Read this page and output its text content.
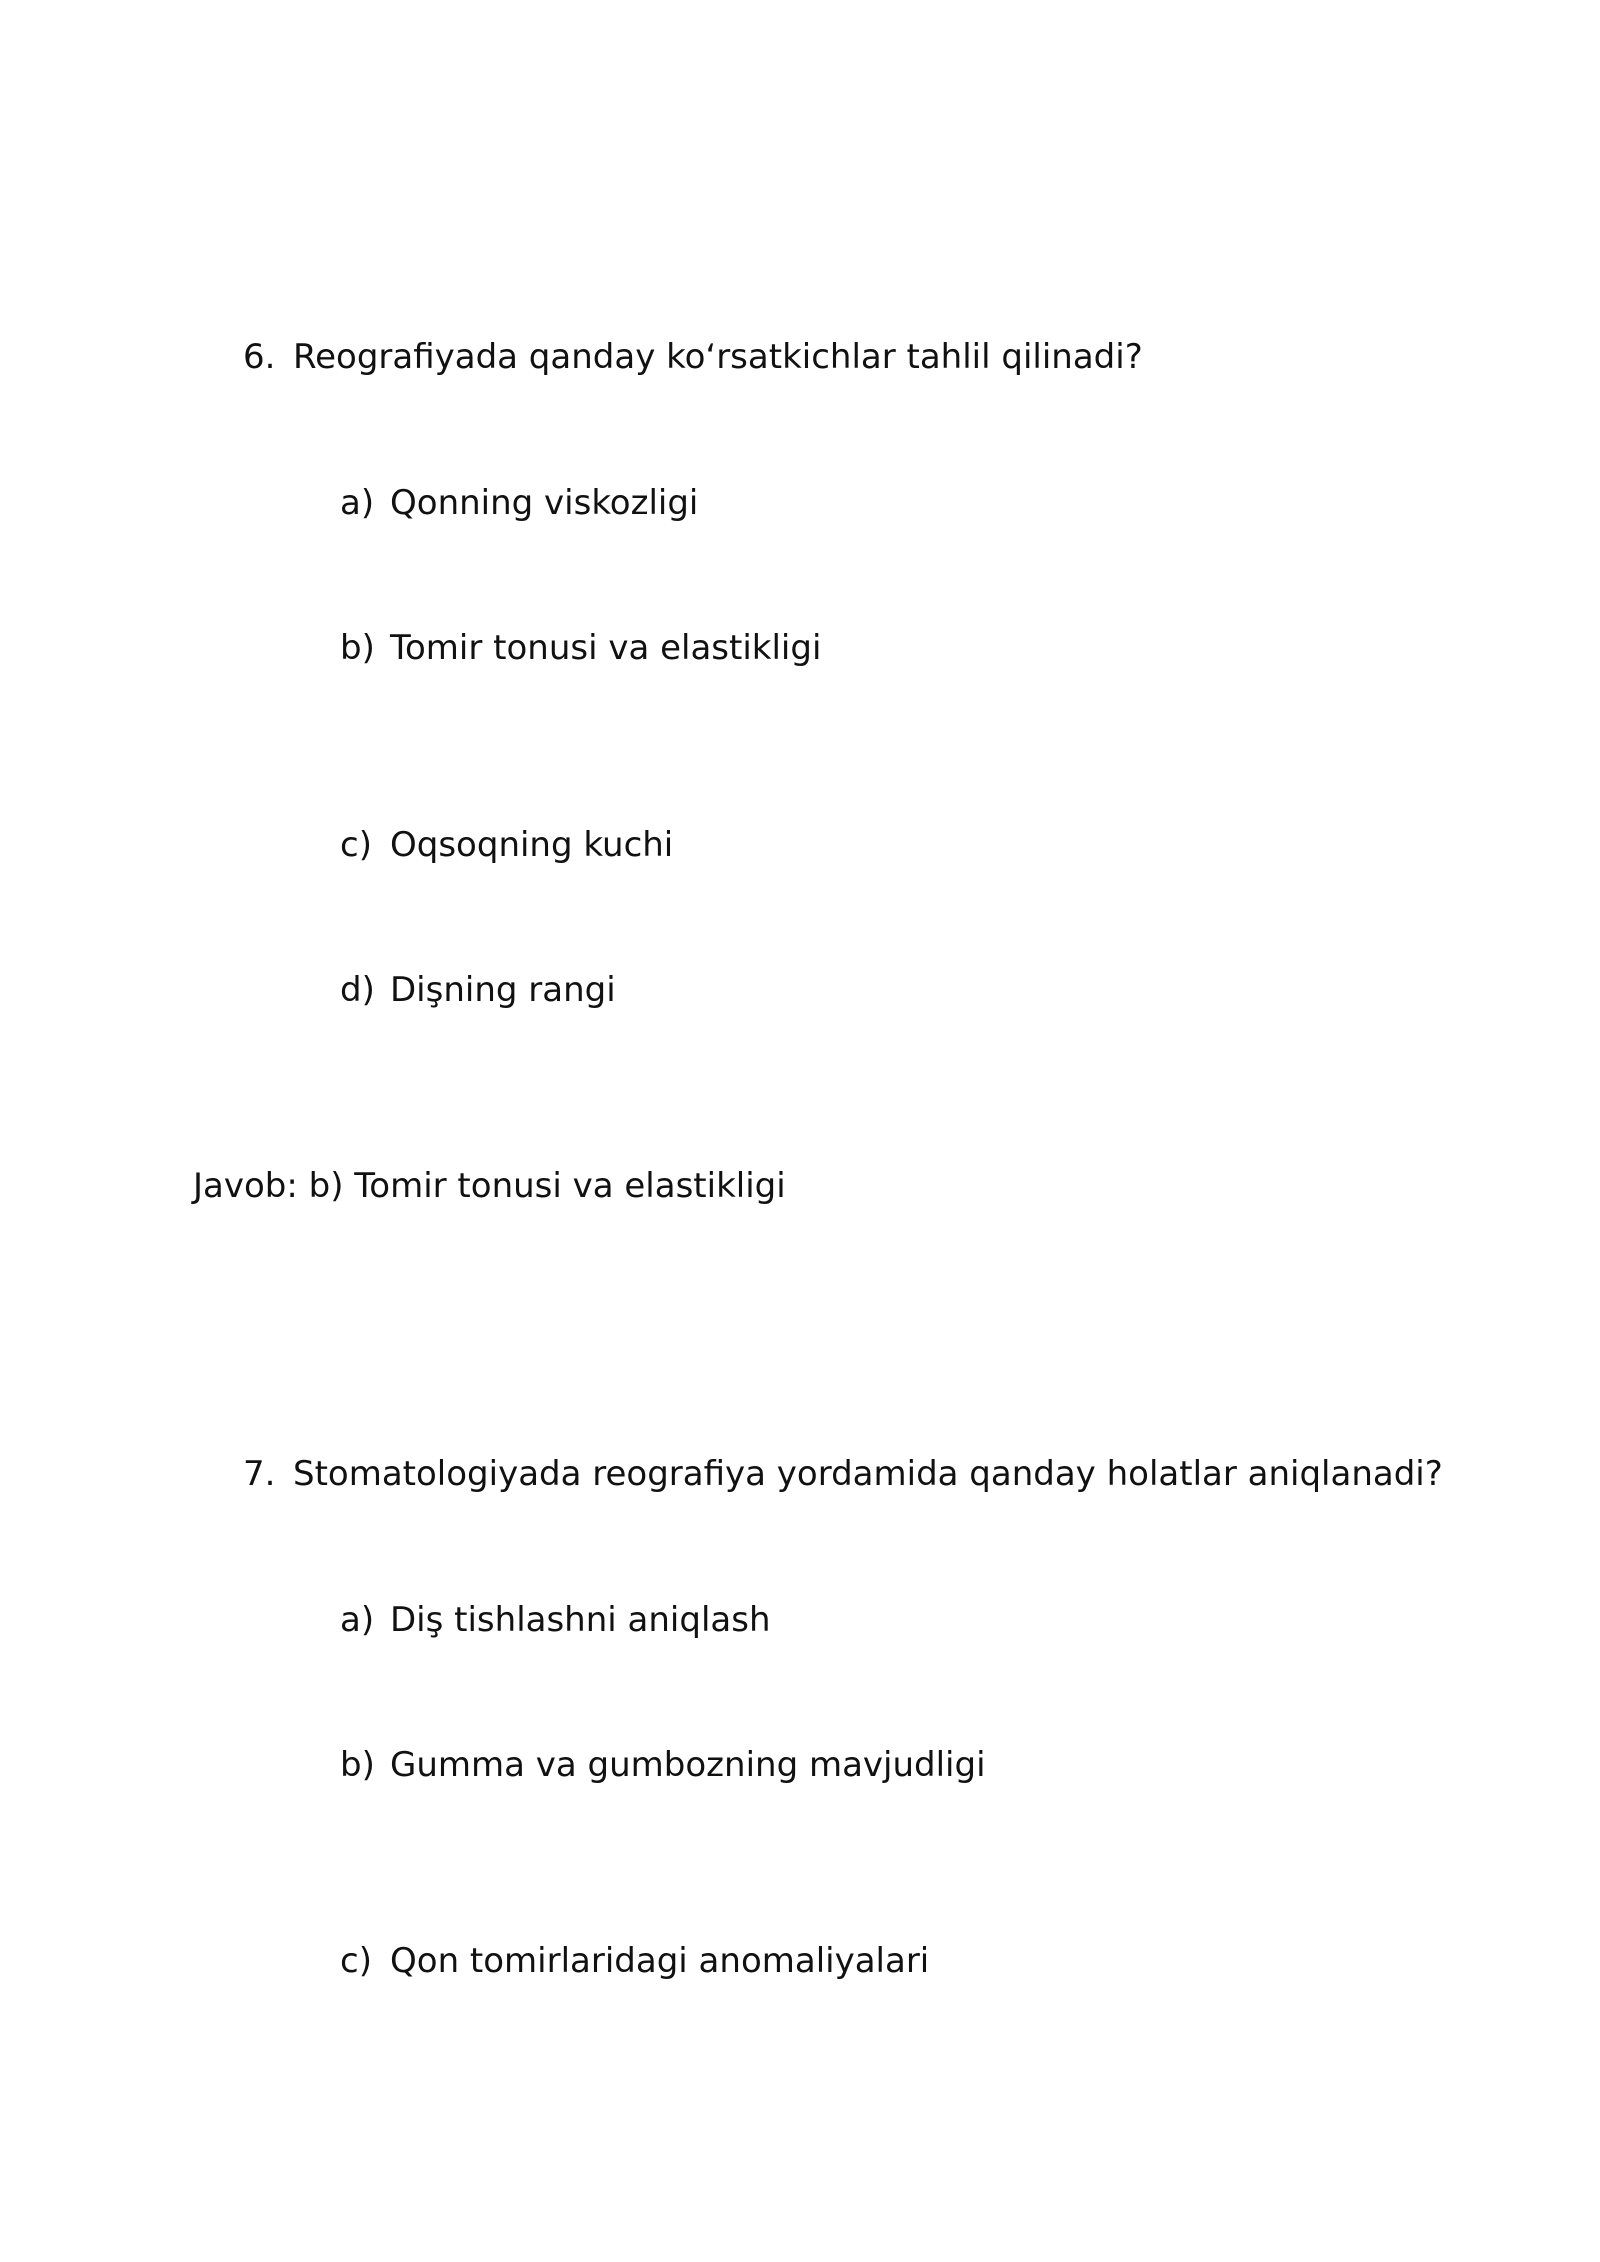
6. Reografiyada qanday ko‘rsatkichlar tahlil qilinadi?
a) Qonning viskozligi
b) Tomir tonusi va elastikligi
c) Oqsoqning kuchi
d) Dişning rangi
Javob: b) Tomir tonusi va elastikligi
7. Stomatologiyada reografiya yordamida qanday holatlar aniqlanadi?
a) Diş tishlashni aniqlash
b) Gumma va gumbozning mavjudligi
c) Qon tomirlaridagi anomaliyalari
